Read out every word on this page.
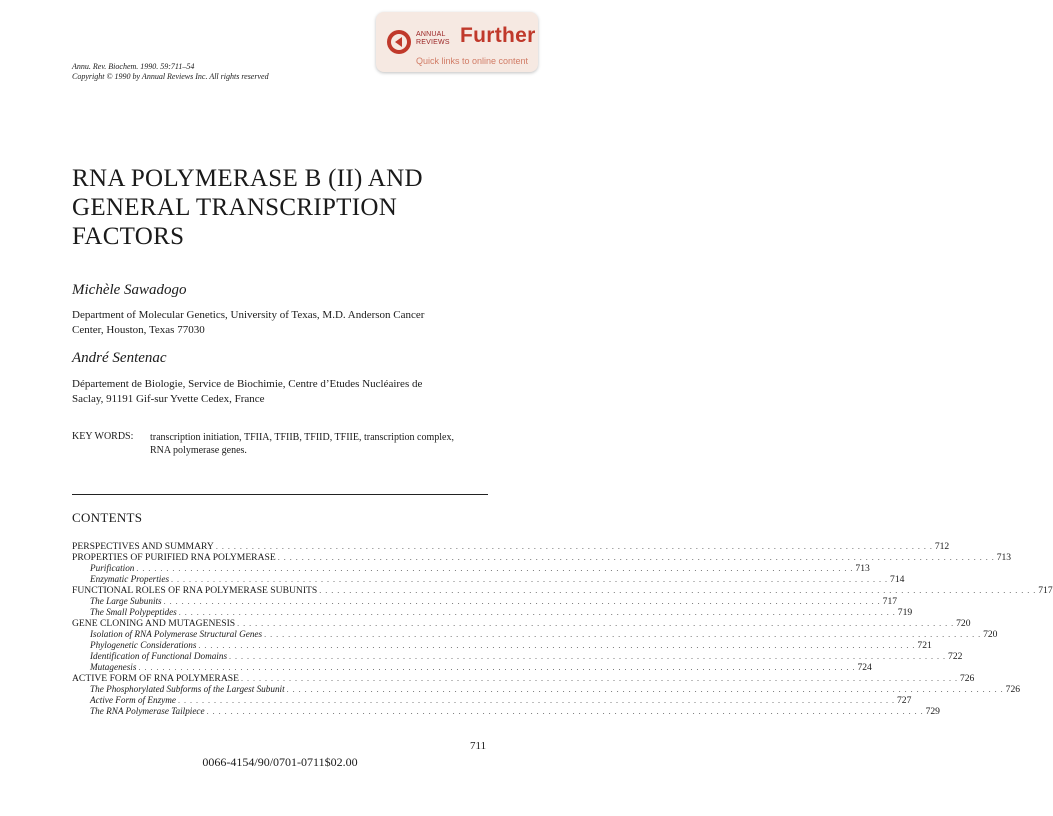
ANNUAL
REVIEWS Further
Quick links to online content
Annu. Rev. Biochem. 1990. 59:711–54
Copyright © 1990 by Annual Reviews Inc. All rights reserved
RNA POLYMERASE B (II) AND
GENERAL TRANSCRIPTION
FACTORS
Michèle Sawadogo
Department of Molecular Genetics, University of Texas, M.D. Anderson Cancer
Center, Houston, Texas 77030
André Sentenac
Département de Biologie, Service de Biochimie, Centre d’Etudes Nucléaires de
Saclay, 91191 Gif-sur Yvette Cedex, France
KEY WORDS: transcription initiation, TFIIA, TFIIB, TFIID, TFIIE, transcription complex,
RNA polymerase genes.
CONTENTS
PERSPECTIVES AND SUMMARY . . . . . . . . . . . . . . . . . . . . . . . . . . . . . . . . . . . . . . . . . . . . . . . . . . . . . . . . . . . . . . . . . . . . . . . . . . . . . . . . . . . . . . . . . . . . . . . . . . . . . . . . . . . . . . . . . . . . . . . . 712
PROPERTIES OF PURIFIED RNA POLYMERASE . . . . . . . . . . . . . . . . . . . . . . . . . . . . . . . . . . . . . . . . . . . . . . . . . . . . . . . . . . . . . . . . . . . . . . . . . . . . . . . . . . . . . . . . . . . . . . . . . . . . . . . . . . . . . . . . . . . . . . . . 713
Purification . . . . . . . . . . . . . . . . . . . . . . . . . . . . . . . . . . . . . . . . . . . . . . . . . . . . . . . . . . . . . . . . . . . . . . . . . . . . . . . . . . . . . . . . . . . . . . . . . . . . . . . . . . . . . . . . . . . . . . . . 713
Enzymatic Properties . . . . . . . . . . . . . . . . . . . . . . . . . . . . . . . . . . . . . . . . . . . . . . . . . . . . . . . . . . . . . . . . . . . . . . . . . . . . . . . . . . . . . . . . . . . . . . . . . . . . . . . . . . . . . . . . . . . . . . . . 714
FUNCTIONAL ROLES OF RNA POLYMERASE SUBUNITS . . . . . . . . . . . . . . . . . . . . . . . . . . . . . . . . . . . . . . . . . . . . . . . . . . . . . . . . . . . . . . . . . . . . . . . . . . . . . . . . . . . . . . . . . . . . . . . . . . . . . . . . . . . . . . . . . . . . . . . . 717
The Large Subunits . . . . . . . . . . . . . . . . . . . . . . . . . . . . . . . . . . . . . . . . . . . . . . . . . . . . . . . . . . . . . . . . . . . . . . . . . . . . . . . . . . . . . . . . . . . . . . . . . . . . . . . . . . . . . . . . . . . . . . . . 717
The Small Polypeptides . . . . . . . . . . . . . . . . . . . . . . . . . . . . . . . . . . . . . . . . . . . . . . . . . . . . . . . . . . . . . . . . . . . . . . . . . . . . . . . . . . . . . . . . . . . . . . . . . . . . . . . . . . . . . . . . . . . . . . . . 719
GENE CLONING AND MUTAGENESIS . . . . . . . . . . . . . . . . . . . . . . . . . . . . . . . . . . . . . . . . . . . . . . . . . . . . . . . . . . . . . . . . . . . . . . . . . . . . . . . . . . . . . . . . . . . . . . . . . . . . . . . . . . . . . . . . . . . . . . . . 720
Isolation of RNA Polymerase Structural Genes . . . . . . . . . . . . . . . . . . . . . . . . . . . . . . . . . . . . . . . . . . . . . . . . . . . . . . . . . . . . . . . . . . . . . . . . . . . . . . . . . . . . . . . . . . . . . . . . . . . . . . . . . . . . . . . . . . . . . . . . 720
Phylogenetic Considerations . . . . . . . . . . . . . . . . . . . . . . . . . . . . . . . . . . . . . . . . . . . . . . . . . . . . . . . . . . . . . . . . . . . . . . . . . . . . . . . . . . . . . . . . . . . . . . . . . . . . . . . . . . . . . . . . . . . . . . . . 721
Identification of Functional Domains . . . . . . . . . . . . . . . . . . . . . . . . . . . . . . . . . . . . . . . . . . . . . . . . . . . . . . . . . . . . . . . . . . . . . . . . . . . . . . . . . . . . . . . . . . . . . . . . . . . . . . . . . . . . . . . . . . . . . . . . 722
Mutagenesis . . . . . . . . . . . . . . . . . . . . . . . . . . . . . . . . . . . . . . . . . . . . . . . . . . . . . . . . . . . . . . . . . . . . . . . . . . . . . . . . . . . . . . . . . . . . . . . . . . . . . . . . . . . . . . . . . . . . . . . . 724
ACTIVE FORM OF RNA POLYMERASE . . . . . . . . . . . . . . . . . . . . . . . . . . . . . . . . . . . . . . . . . . . . . . . . . . . . . . . . . . . . . . . . . . . . . . . . . . . . . . . . . . . . . . . . . . . . . . . . . . . . . . . . . . . . . . . . . . . . . . . . 726
The Phosphorylated Subforms of the Largest Subunit . . . . . . . . . . . . . . . . . . . . . . . . . . . . . . . . . . . . . . . . . . . . . . . . . . . . . . . . . . . . . . . . . . . . . . . . . . . . . . . . . . . . . . . . . . . . . . . . . . . . . . . . . . . . . . . . . . . . . . . . 726
Active Form of Enzyme . . . . . . . . . . . . . . . . . . . . . . . . . . . . . . . . . . . . . . . . . . . . . . . . . . . . . . . . . . . . . . . . . . . . . . . . . . . . . . . . . . . . . . . . . . . . . . . . . . . . . . . . . . . . . . . . . . . . . . . . 727
The RNA Polymerase Tailpiece . . . . . . . . . . . . . . . . . . . . . . . . . . . . . . . . . . . . . . . . . . . . . . . . . . . . . . . . . . . . . . . . . . . . . . . . . . . . . . . . . . . . . . . . . . . . . . . . . . . . . . . . . . . . . . . . . . . . . . . . 729
711
0066-4154/90/0701-0711$02.00
